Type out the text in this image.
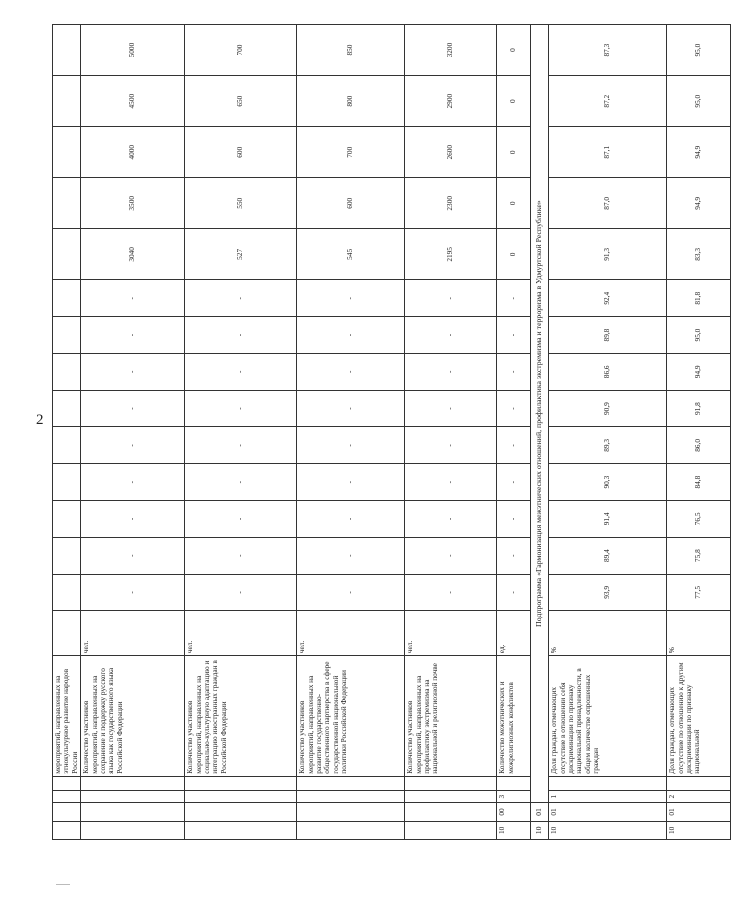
2
				мероприятий, направленных на этнокультурное развитие народов России															
				Количество участников мероприятий, направленных на сохранение и поддержку русского языка как государственного языка Российской Федерации	чел.	-	-	-	-	-	-	-	-	-	3040	3500	4000	4500	5000
				Количество участников мероприятий, направленных на социально-культурную адаптацию и интеграцию иностранных граждан в Российской Федерации	чел.	-	-	-	-	-	-	-	-	-	527	550	600	650	700
				Количество участников мероприятий, направленных на развитие государственно-общественного партнерства в сфере государственной национальной политики Российской Федерации	чел.	-	-	-	-	-	-	-	-	-	545	600	700	800	850
				Количество участников мероприятий, направленных на профилактику экстремизма на национальной и религиозной почве	чел.	-	-	-	-	-	-	-	-	-	2195	2300	2600	2900	3200
10	00	3		Количество межэтнических и межрелигиозных конфликтов	ед.	-	-	-	-	-	-	-	-	-	0	0	0	0	0
10	01	Подпрограмма «Гармонизация межэтнических отношений, профилактика экстремизма и терроризма в Удмуртской Республике»																	
10	01	1		Доля граждан, отмечающих отсутствие в отношении себя дискриминации по признаку национальной принадлежности, в общем количестве опрошенных граждан	%	93,9	89,4	91,4	90,3	89,3	90,9	86,6	89,8	92,4	91,3	87,0	87,1	87,2	87,3
10	01	2		Доля граждан, отмечающих отсутствие по отношению к другим дискриминации по признаку национальной	%	77,5	75,8	76,5	84,8	86,0	91,8	94,9	95,0	81,8	83,3	94,9	94,9	95,0	95,0
